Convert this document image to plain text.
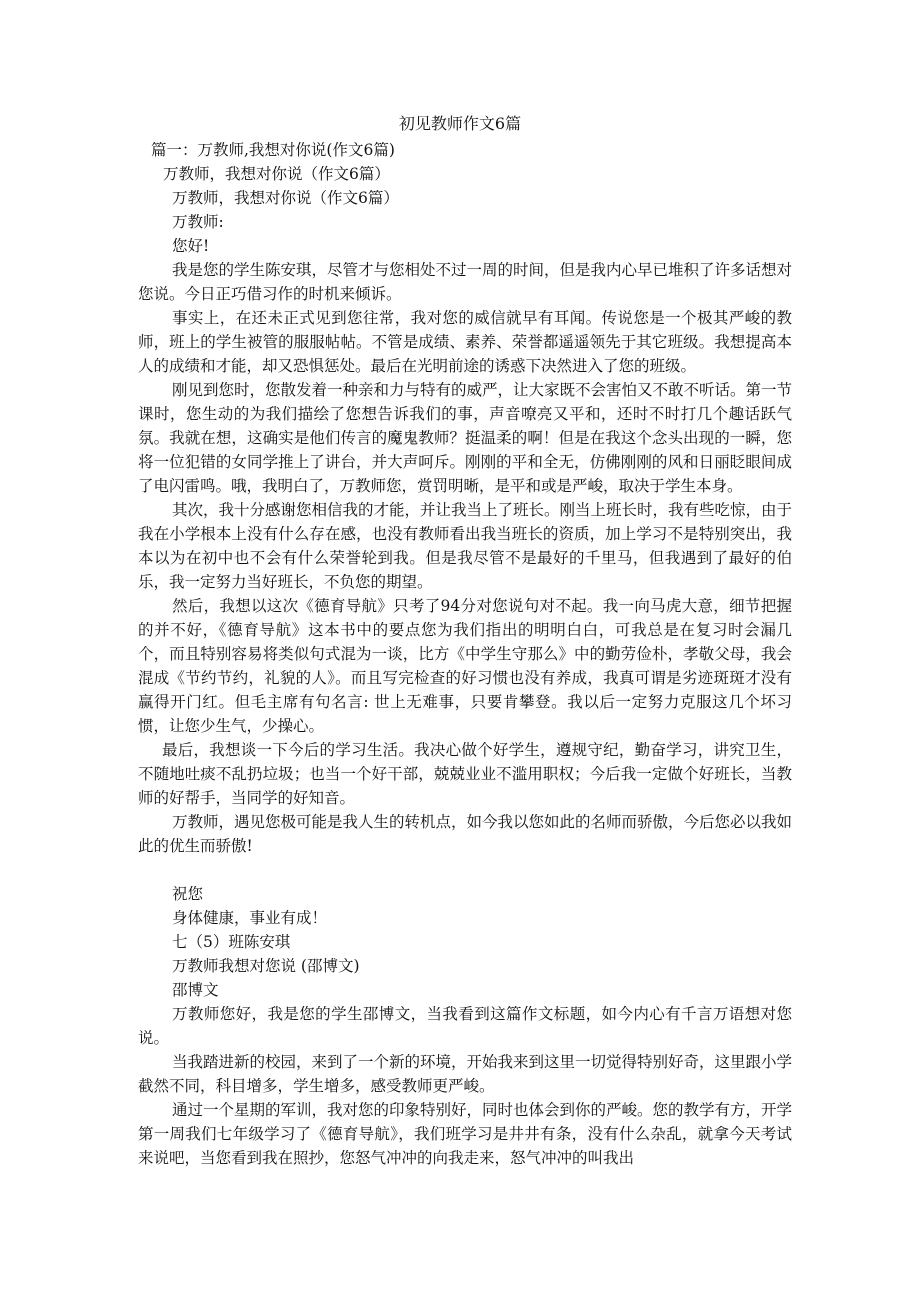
初见教师作文6篇
篇一：万教师,我想对你说(作文6篇)
万教师，我想对你说（作文6篇）
万教师，我想对你说（作文6篇）
万教师:
您好!

我是您的学生陈安琪，尽管才与您相处不过一周的时间，但是我内心早已堆积了许多话想对您说。今日正巧借习作的时机来倾诉。

事实上，在还未正式见到您往常，我对您的威信就早有耳闻。传说您是一个极其严峻的教师，班上的学生被管的服服帖帖。不管是成绩、素养、荣誉都遥遥领先于其它班级。我想提高本人的成绩和才能，却又恐惧惩处。最后在光明前途的诱惑下决然进入了您的班级。

刚见到您时，您散发着一种亲和力与特有的威严，让大家既不会害怕又不敢不听话。第一节课时，您生动的为我们描绘了您想告诉我们的事，声音嘹亮又平和，还时不时打几个趣话跃气氛。我就在想，这确实是他们传言的魔鬼教师？挺温柔的啊！但是在我这个念头出现的一瞬，您将一位犯错的女同学推上了讲台，并大声呵斥。刚刚的平和全无，仿佛刚刚的风和日丽眨眼间成了电闪雷鸣。哦，我明白了，万教师您，赏罚明晰，是平和或是严峻，取决于学生本身。

其次，我十分感谢您相信我的才能，并让我当上了班长。刚当上班长时，我有些吃惊，由于我在小学根本上没有什么存在感，也没有教师看出我当班长的资质，加上学习不是特别突出，我本以为在初中也不会有什么荣誉轮到我。但是我尽管不是最好的千里马，但我遇到了最好的伯乐，我一定努力当好班长，不负您的期望。

然后，我想以这次《德育导航》只考了94分对您说句对不起。我一向马虎大意，细节把握的并不好，《德育导航》这本书中的要点您为我们指出的明明白白，可我总是在复习时会漏几个，而且特别容易将类似句式混为一谈，比方《中学生守那么》中的勤劳俭朴，孝敬父母，我会混成《节约节约，礼貌的人》。而且写完检查的好习惯也没有养成，我真可谓是劣迹斑斑才没有赢得开门红。但毛主席有句名言: 世上无难事，只要肯攀登。我以后一定努力克服这几个坏习惯，让您少生气，少操心。

最后，我想谈一下今后的学习生活。我决心做个好学生，遵规守纪，勤奋学习，讲究卫生，不随地吐痰不乱扔垃圾；也当一个好干部，兢兢业业不滥用职权；今后我一定做个好班长，当教师的好帮手，当同学的好知音。

万教师，遇见您极可能是我人生的转机点，如今我以您如此的名师而骄傲，今后您必以我如此的优生而骄傲!

祝您
身体健康，事业有成！
七（5）班陈安琪
万教师我想对您说 (邵博文)
邵博文

万教师您好，我是您的学生邵博文，当我看到这篇作文标题，如今内心有千言万语想对您说。

当我踏进新的校园，来到了一个新的环境，开始我来到这里一切觉得特别好奇，这里跟小学截然不同，科目增多，学生增多，感受教师更严峻。

通过一个星期的军训，我对您的印象特别好，同时也体会到你的严峻。您的教学有方，开学第一周我们七年级学习了《德育导航》，我们班学习是井井有条，没有什么杂乱，就拿今天考试来说吧，当您看到我在照抄，您怒气冲冲的向我走来，怒气冲冲的叫我出
